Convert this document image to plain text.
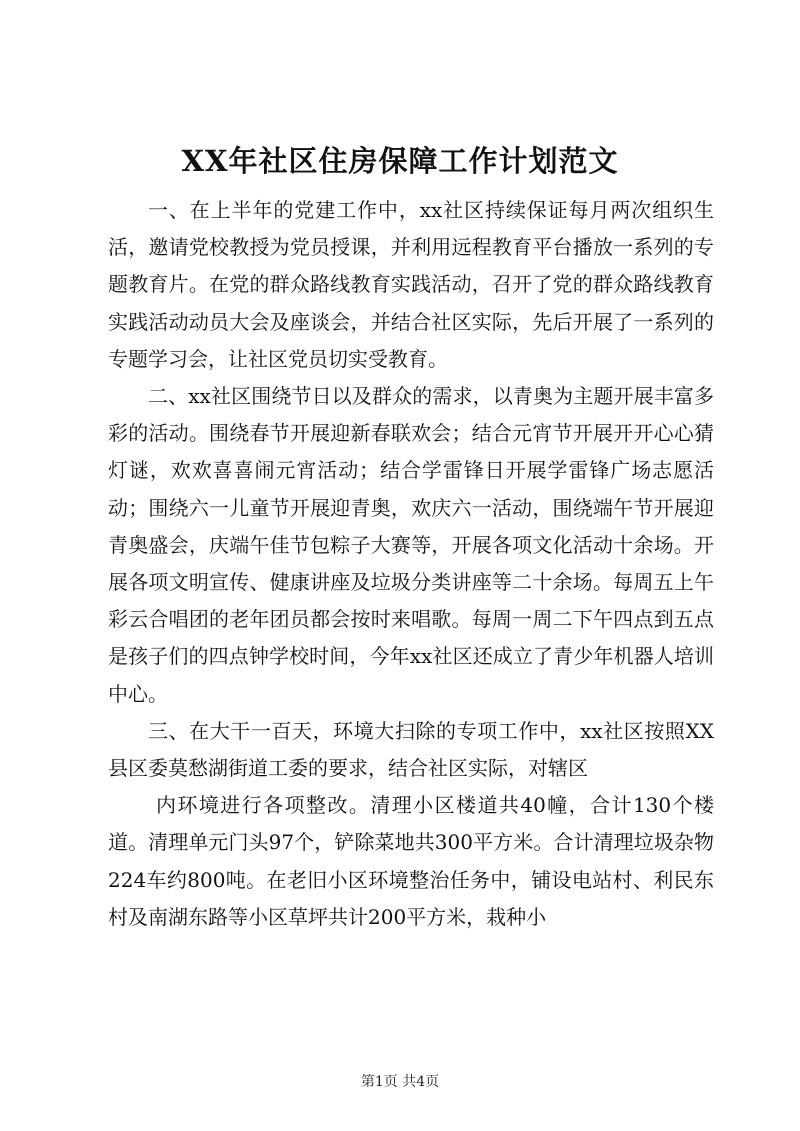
XX年社区住房保障工作计划范文

一、在上半年的党建工作中，xx社区持续保证每月两次组织生活，邀请党校教授为党员授课，并利用远程教育平台播放一系列的专题教育片。在党的群众路线教育实践活动，召开了党的群众路线教育实践活动动员大会及座谈会，并结合社区实际，先后开展了一系列的专题学习会，让社区党员切实受教育。

二、xx社区围绕节日以及群众的需求，以青奥为主题开展丰富多彩的活动。围绕春节开展迎新春联欢会；结合元宵节开展开开心心猜灯谜，欢欢喜喜闹元宵活动；结合学雷锋日开展学雷锋广场志愿活动；围绕六一儿童节开展迎青奥，欢庆六一活动，围绕端午节开展迎青奥盛会，庆端午佳节包粽子大赛等，开展各项文化活动十余场。开展各项文明宣传、健康讲座及垃圾分类讲座等二十余场。每周五上午彩云合唱团的老年团员都会按时来唱歌。每周一周二下午四点到五点是孩子们的四点钟学校时间，今年xx社区还成立了青少年机器人培训中心。

三、在大干一百天，环境大扫除的专项工作中，xx社区按照XX县区委莫愁湖街道工委的要求，结合社区实际，对辖区

内环境进行各项整改。清理小区楼道共40幢，合计130个楼道。清理单元门头97个，铲除菜地共300平方米。合计清理垃圾杂物224车约800吨。在老旧小区环境整治任务中，铺设电站村、利民东村及南湖东路等小区草坪共计200平方米，栽种小

第1页 共4页
